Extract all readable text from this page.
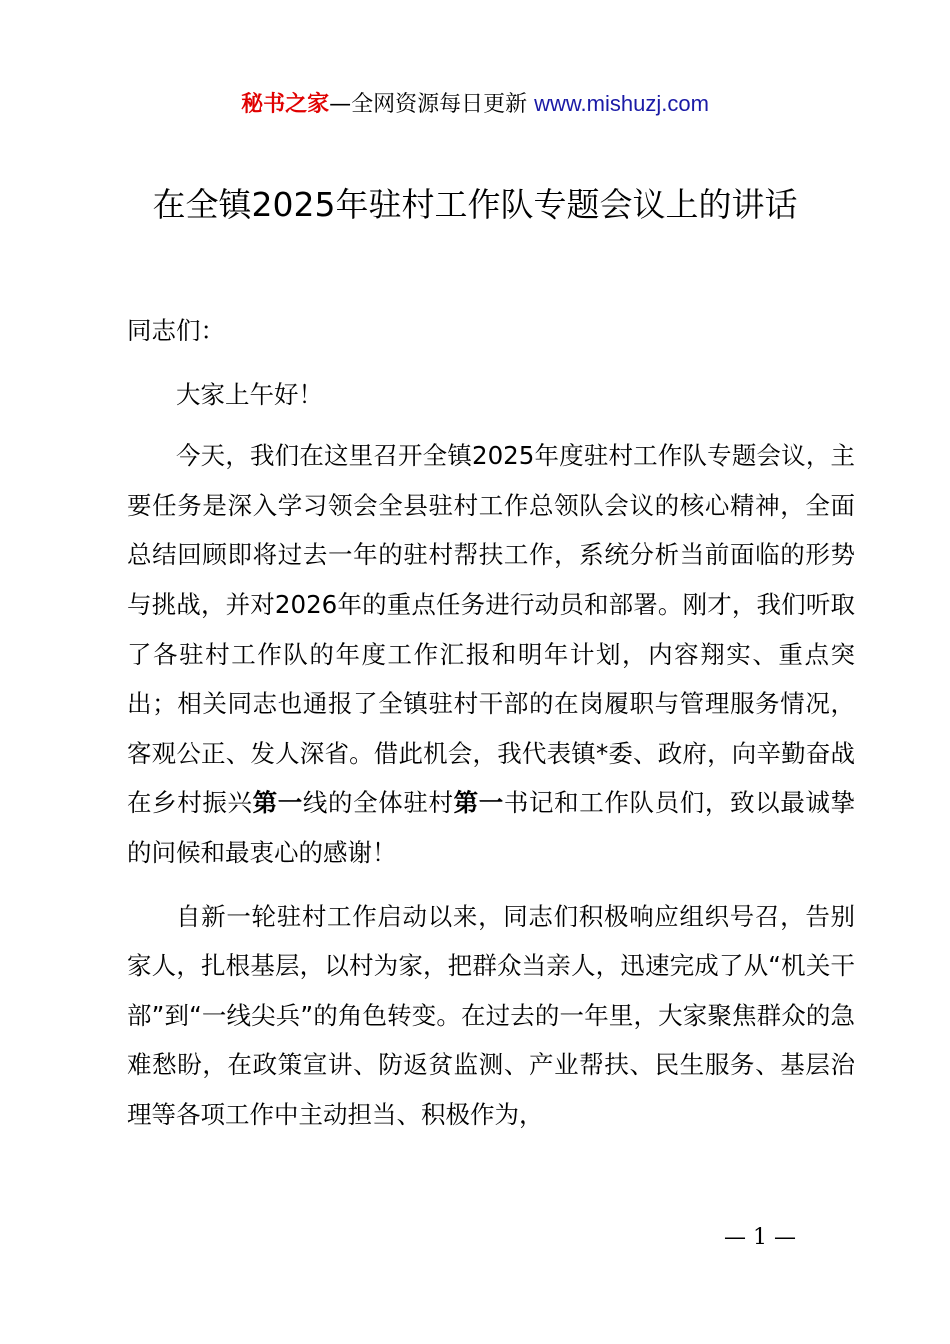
秘书之家—全网资源每日更新 www.mishuzj.com
在全镇2025年驻村工作队专题会议上的讲话

同志们：

大家上午好！

今天，我们在这里召开全镇2025年度驻村工作队专题会议，主要任务是深入学习领会全县驻村工作总领队会议的核心精神，全面总结回顾即将过去一年的驻村帮扶工作，系统分析当前面临的形势与挑战，并对2026年的重点任务进行动员和部署。刚才，我们听取了各驻村工作队的年度工作汇报和明年计划，内容翔实、重点突出；相关同志也通报了全镇驻村干部的在岗履职与管理服务情况，客观公正、发人深省。借此机会，我代表镇*委、政府，向辛勤奋战在乡村振兴第一线的全体驻村第一书记和工作队员们，致以最诚挚的问候和最衷心的感谢！

自新一轮驻村工作启动以来，同志们积极响应组织号召，告别家人，扎根基层，以村为家，把群众当亲人，迅速完成了从“机关干部”到“一线尖兵”的角色转变。在过去的一年里，大家聚焦群众的急难愁盼，在政策宣讲、防返贫监测、产业帮扶、民生服务、基层治理等各项工作中主动担当、积极作为，

— 1 —
